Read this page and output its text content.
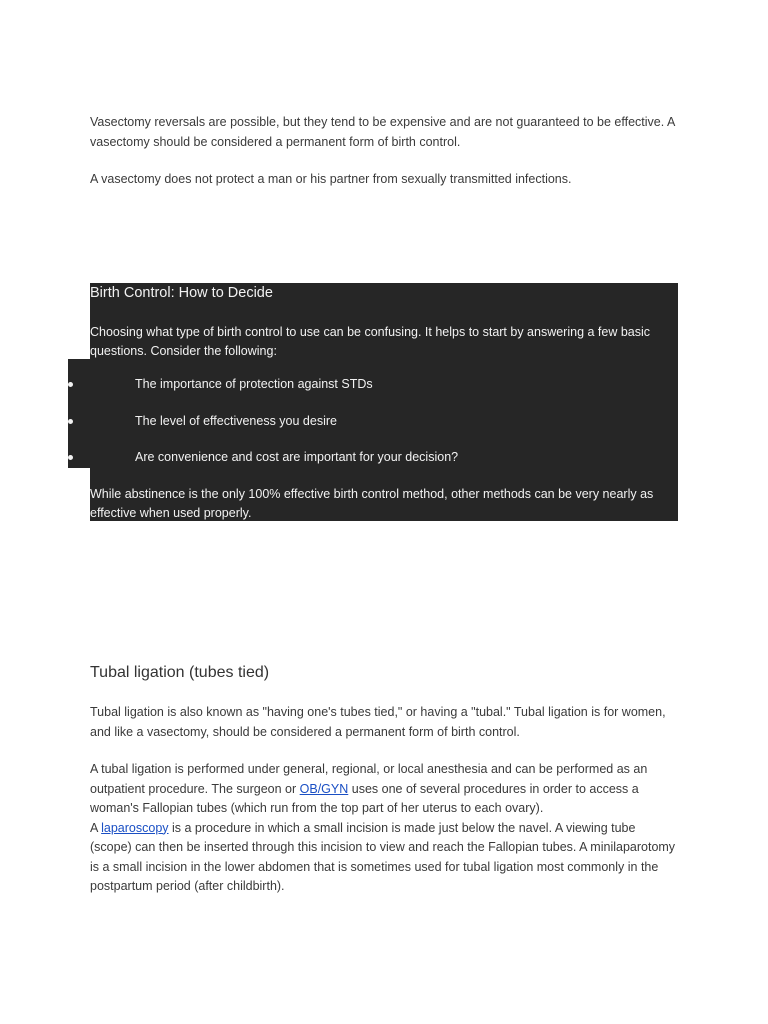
Vasectomy reversals are possible, but they tend to be expensive and are not guaranteed to be effective. A vasectomy should be considered a permanent form of birth control.

A vasectomy does not protect a man or his partner from sexually transmitted infections.

Birth Control: How to Decide

Choosing what type of birth control to use can be confusing. It helps to start by answering a few basic questions. Consider the following:

The importance of protection against STDs

The level of effectiveness you desire

Are convenience and cost are important for your decision?

While abstinence is the only 100% effective birth control method, other methods can be very nearly as effective when used properly.

Tubal ligation (tubes tied)

Tubal ligation is also known as "having one's tubes tied," or having a "tubal." Tubal ligation is for women, and like a vasectomy, should be considered a permanent form of birth control.

A tubal ligation is performed under general, regional, or local anesthesia and can be performed as an outpatient procedure. The surgeon or OB/GYN uses one of several procedures in order to access a woman's Fallopian tubes (which run from the top part of her uterus to each ovary).
A laparoscopy is a procedure in which a small incision is made just below the navel. A viewing tube (scope) can then be inserted through this incision to view and reach the Fallopian tubes. A minilaparotomy is a small incision in the lower abdomen that is sometimes used for tubal ligation most commonly in the postpartum period (after childbirth).
